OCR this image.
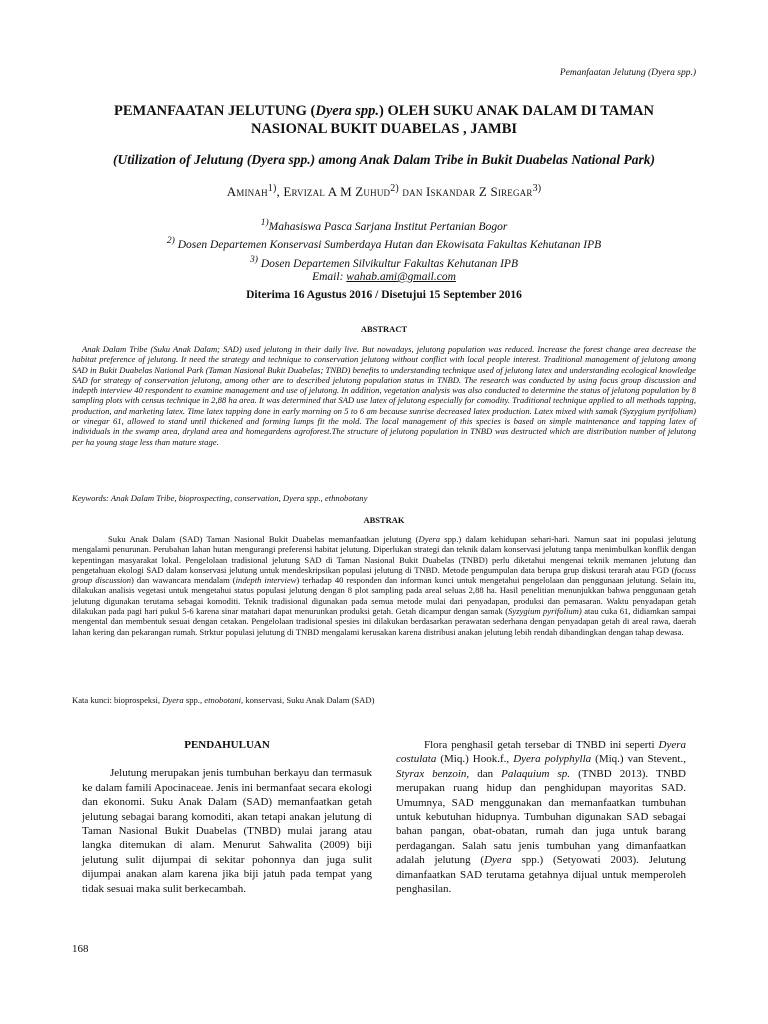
Pemanfaatan Jelutung (Dyera spp.)
PEMANFAATAN JELUTUNG (Dyera spp.) OLEH SUKU ANAK DALAM DI TAMAN
NASIONAL BUKIT DUABELAS , JAMBI
(Utilization of Jelutung (Dyera spp.) among Anak Dalam Tribe in Bukit Duabelas National Park)
Aminah$^{1)}$, Ervizal A M Zuhud$^{2)}$ dan Iskandar Z Siregar$^{3)}$
$^{1)}$Mahasiswa Pasca Sarjana Institut Pertanian Bogor
$^{2)}$ Dosen Departemen Konservasi Sumberdaya Hutan dan Ekowisata Fakultas Kehutanan IPB
$^{3)}$ Dosen Departemen Silvikultur Fakultas Kehutanan IPB
Email: wahab.ami@gmail.com
Diterima 16 Agustus 2016 / Disetujui 15 September 2016
ABSTRACT
Anak Dalam Tribe (Suku Anak Dalam; SAD) used jelutong in their daily live. But nowadays, jelutong population was reduced. Increase the forest change area decrease the habitat preference of jelutong. It need the strategy and technique to conservation jelutong without conflict with local people interest. Traditional management of jelutong among SAD in Bukit Duabelas National Park (Taman Nasional Bukit Duabelas; TNBD) benefits to understanding technique used of jelutong latex and understanding ecological knowledge SAD for strategy of conservation jelutong, among other are to described jelutong population status in TNBD. The research was conducted by using focus group discussion and indepth interview 40 respondent to examine management and use of jelutong. In addition, vegetation analysis was also conducted to determine the status of jelutong population by 8 sampling plots with census technique in 2,88 ha area. It was determined that SAD use latex of jelutong especially for comodity. Traditional technique applied to all methods tapping, production, and marketing latex. Time latex tapping done in early morning on 5 to 6 am because sunrise decreased latex production. Latex mixed with samak (Syzygium pyrifolium) or vinegar 61, allowed to stand until thickened and forming lumps fit the mold. The local management of this species is based on simple maintenance and tapping latex of individuals in the swamp area, dryland area and homegardens agroforest.The structure of jelutong population in TNBD was destructed which are distribution number of jelutong per ha young stage less than mature stage.
Keywords: Anak Dalam Tribe, bioprospecting, conservation, Dyera spp., ethnobotany
ABSTRAK
Suku Anak Dalam (SAD) Taman Nasional Bukit Duabelas memanfaatkan jelutung (Dyera spp.) dalam kehidupan sehari-hari. Namun saat ini populasi jelutung mengalami penurunan. Perubahan lahan hutan mengurangi preferensi habitat jelutung. Diperlukan strategi dan teknik dalam konservasi jelutung tanpa menimbulkan konflik dengan kepentingan masyarakat lokal. Pengelolaan tradisional jelutung SAD di Taman Nasional Bukit Duabelas (TNBD) perlu diketahui mengenai teknik memanen jelutung dan pengetahuan ekologi SAD dalam konservasi jelutung untuk mendeskripsikan populasi jelutung di TNBD. Metode pengumpulan data berupa grup diskusi terarah atau FGD (focuss group discussion) dan wawancara mendalam (indepth interview) terhadap 40 responden dan informan kunci untuk mengetahui pengelolaan dan penggunaan jelutung. Selain itu, dilakukan analisis vegetasi untuk mengetahui status populasi jelutung dengan 8 plot sampling pada areal seluas 2,88 ha. Hasil penelitian menunjukkan bahwa penggunaan getah jelutung digunakan terutama sebagai komoditi. Teknik tradisional digunakan pada semua metode mulai dari penyadapan, produksi dan pemasaran. Waktu penyadapan getah dilakukan pada pagi hari pukul 5-6 karena sinar matahari dapat menurunkan produksi getah. Getah dicampur dengan samak (Syzygium pyrifolium) atau cuka 61, didiamkan sampai mengental dan membentuk sesuai dengan cetakan. Pengelolaan tradisional spesies ini dilakukan berdasarkan perawatan sederhana dengan penyadapan getah di areal rawa, daerah lahan kering dan pekarangan rumah. Strktur populasi jelutung di TNBD mengalami kerusakan karena distribusi anakan jelutung lebih rendah dibandingkan dengan tahap dewasa.
Kata kunci: bioprospeksi, Dyera spp., etnobotani, konservasi, Suku Anak Dalam (SAD)
PENDAHULUAN
Jelutung merupakan jenis tumbuhan berkayu dan termasuk ke dalam famili Apocinaceae. Jenis ini bermanfaat secara ekologi dan ekonomi. Suku Anak Dalam (SAD) memanfaatkan getah jelutung sebagai barang komoditi, akan tetapi anakan jelutung di Taman Nasional Bukit Duabelas (TNBD) mulai jarang atau langka ditemukan di alam. Menurut Sahwalita (2009) biji jelutung sulit dijumpai di sekitar pohonnya dan juga sulit dijumpai anakan alam karena jika biji jatuh pada tempat yang tidak sesuai maka sulit berkecambah.
Flora penghasil getah tersebar di TNBD ini seperti Dyera costulata (Miq.) Hook.f., Dyera polyphylla (Miq.) van Stevent., Styrax benzoin, dan Palaquium sp. (TNBD 2013). TNBD merupakan ruang hidup dan penghidupan mayoritas SAD. Umumnya, SAD menggunakan dan memanfaatkan tumbuhan untuk kebutuhan hidupnya. Tumbuhan digunakan SAD sebagai bahan pangan, obat-obatan, rumah dan juga untuk barang perdagangan. Salah satu jenis tumbuhan yang dimanfaatkan adalah jelutung (Dyera spp.) (Setyowati 2003). Jelutung dimanfaatkan SAD terutama getahnya dijual untuk memperoleh penghasilan.
168
